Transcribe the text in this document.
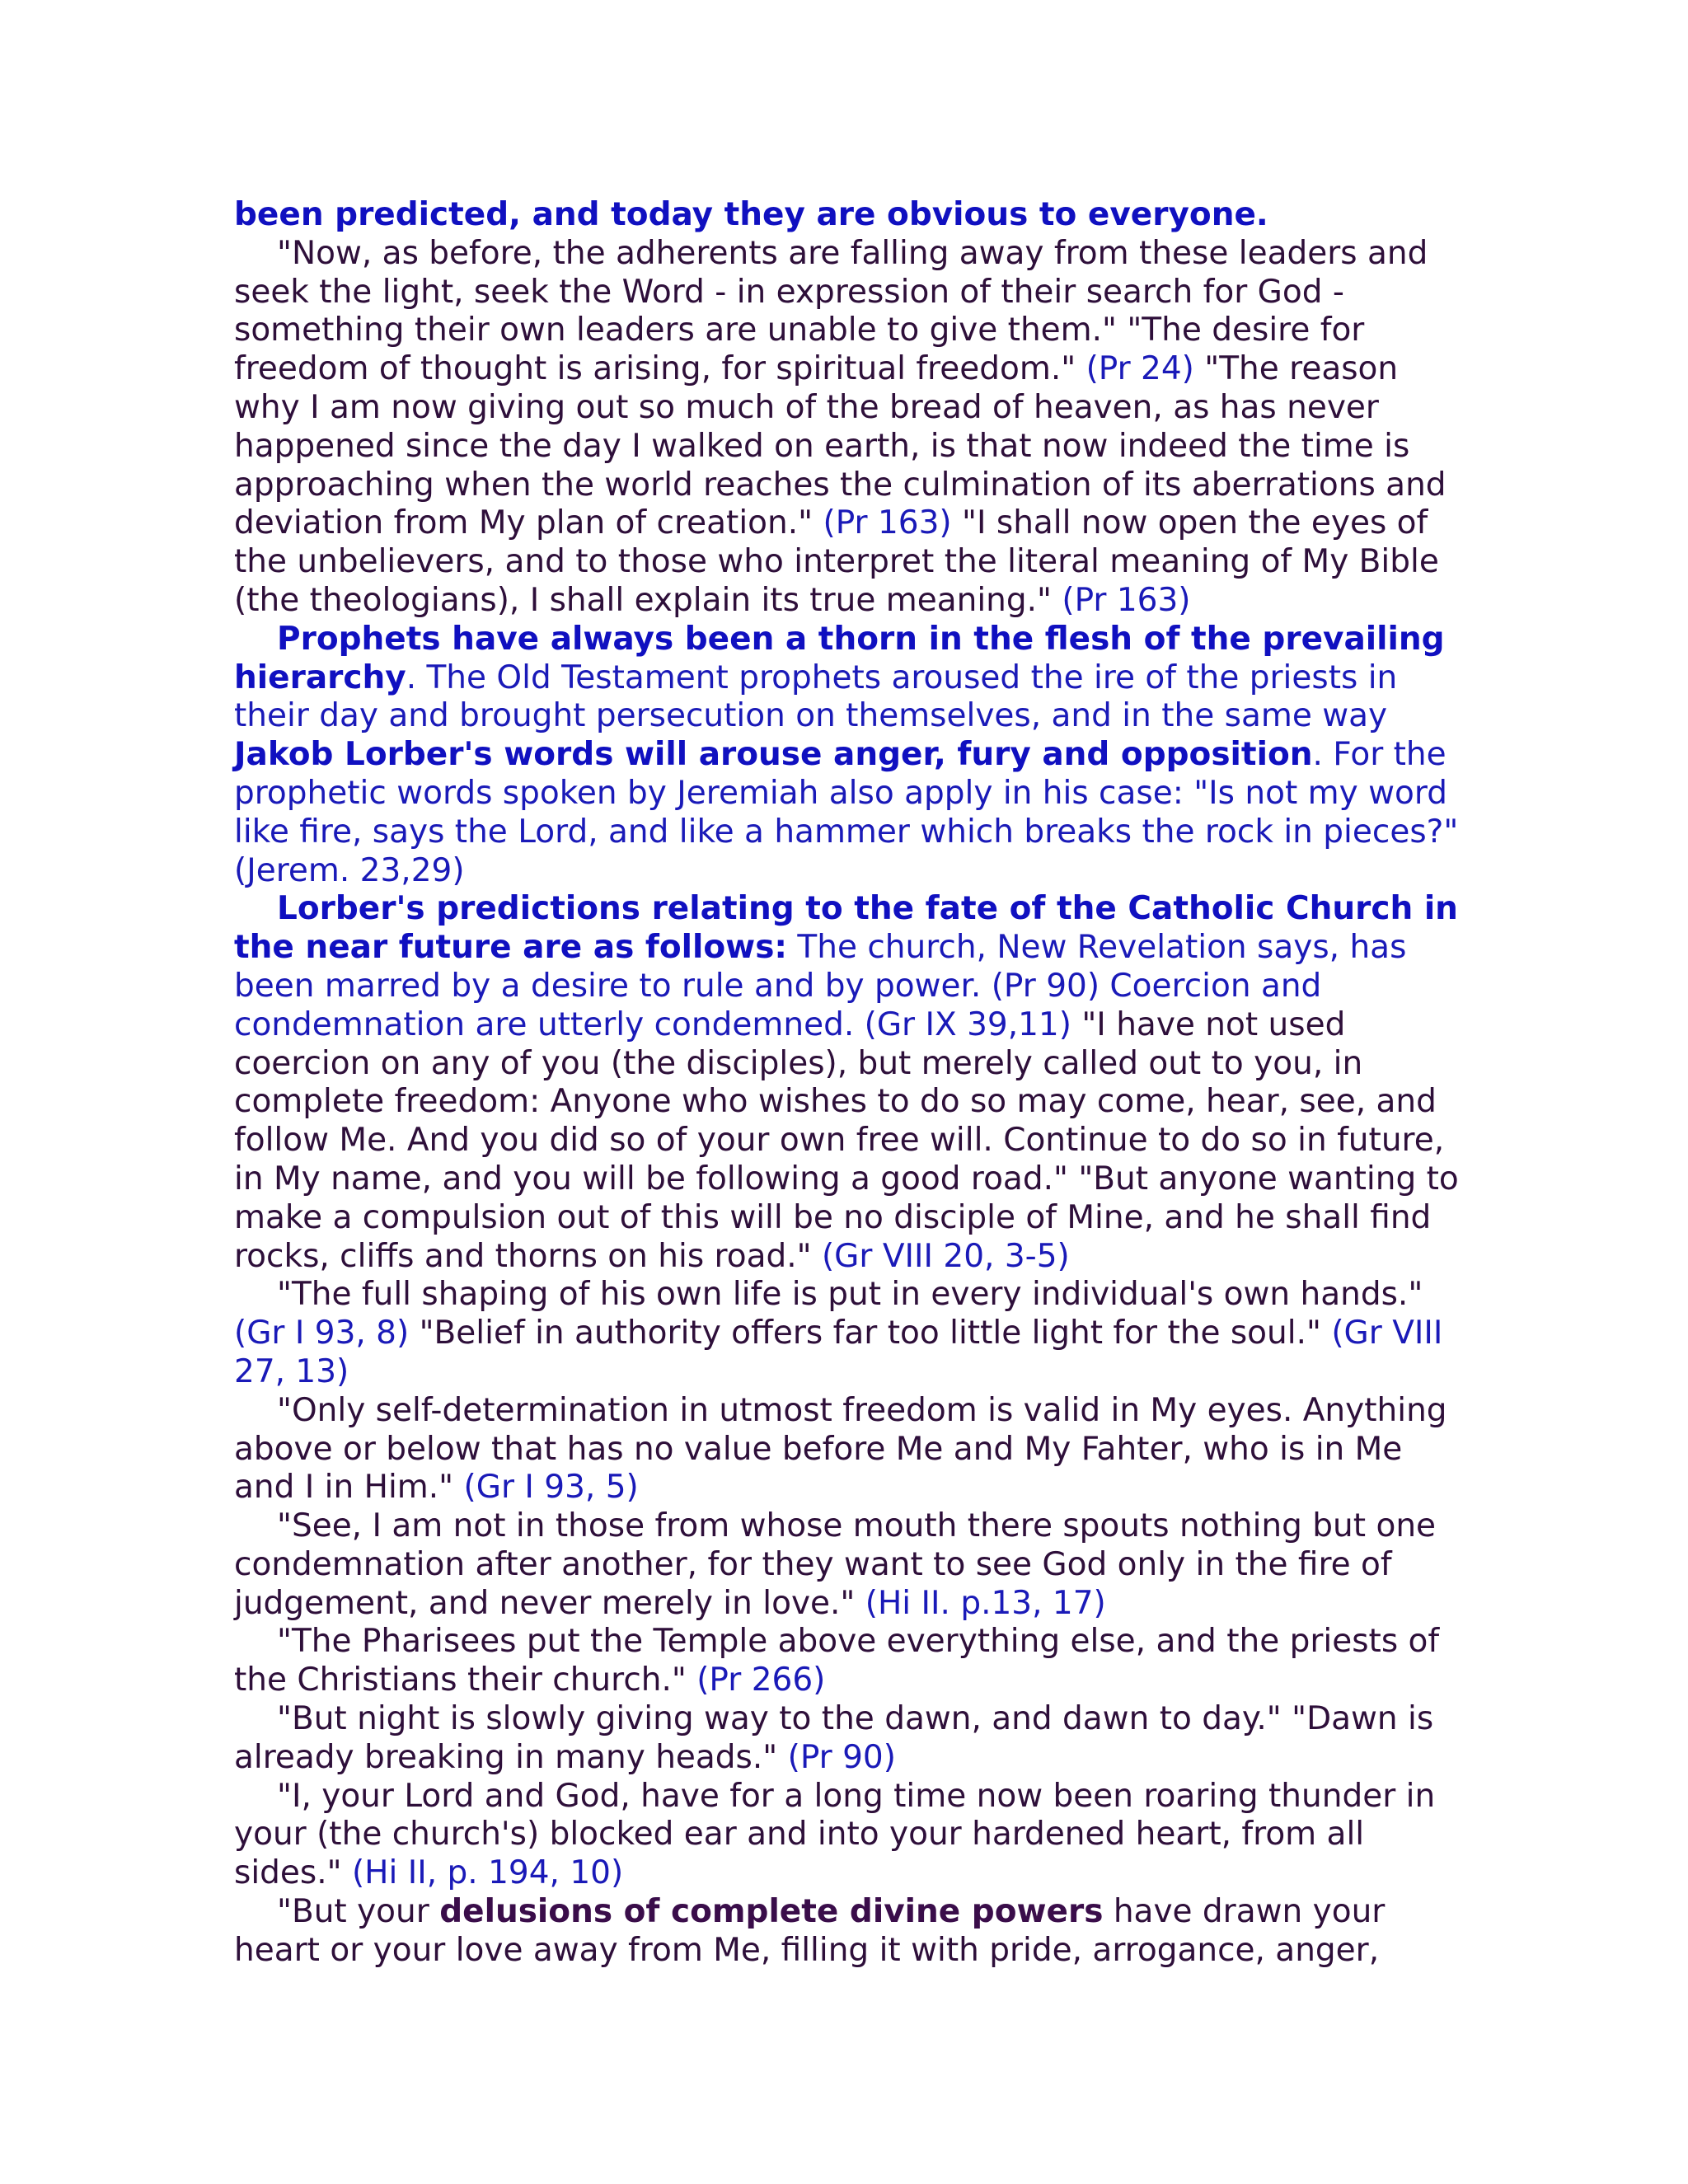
been predicted, and today they are obvious to everyone.

"Now, as before, the adherents are falling away from these leaders and seek the light, seek the Word - in expression of their search for God - something their own leaders are unable to give them." "The desire for freedom of thought is arising, for spiritual freedom." (Pr 24) "The reason why I am now giving out so much of the bread of heaven, as has never happened since the day I walked on earth, is that now indeed the time is approaching when the world reaches the culmination of its aberrations and deviation from My plan of creation." (Pr 163) "I shall now open the eyes of the unbelievers, and to those who interpret the literal meaning of My Bible (the theologians), I shall explain its true meaning." (Pr 163)

Prophets have always been a thorn in the flesh of the prevailing hierarchy. The Old Testament prophets aroused the ire of the priests in their day and brought persecution on themselves, and in the same way Jakob Lorber's words will arouse anger, fury and opposition. For the prophetic words spoken by Jeremiah also apply in his case: "Is not my word like fire, says the Lord, and like a hammer which breaks the rock in pieces?" (Jerem. 23,29)

Lorber's predictions relating to the fate of the Catholic Church in the near future are as follows: The church, New Revelation says, has been marred by a desire to rule and by power. (Pr 90) Coercion and condemnation are utterly condemned. (Gr IX 39,11) "I have not used coercion on any of you (the disciples), but merely called out to you, in complete freedom: Anyone who wishes to do so may come, hear, see, and follow Me. And you did so of your own free will. Continue to do so in future, in My name, and you will be following a good road." "But anyone wanting to make a compulsion out of this will be no disciple of Mine, and he shall find rocks, cliffs and thorns on his road." (Gr VIII 20, 3-5)

"The full shaping of his own life is put in every individual's own hands." (Gr I 93, 8) "Belief in authority offers far too little light for the soul." (Gr VIII 27, 13)

"Only self-determination in utmost freedom is valid in My eyes. Anything above or below that has no value before Me and My Fahter, who is in Me and I in Him." (Gr I 93, 5)

"See, I am not in those from whose mouth there spouts nothing but one condemnation after another, for they want to see God only in the fire of judgement, and never merely in love." (Hi II. p.13, 17)

"The Pharisees put the Temple above everything else, and the priests of the Christians their church." (Pr 266)

"But night is slowly giving way to the dawn, and dawn to day." "Dawn is already breaking in many heads." (Pr 90)

"I, your Lord and God, have for a long time now been roaring thunder in your (the church's) blocked ear and into your hardened heart, from all sides." (Hi II, p. 194, 10)

"But your delusions of complete divine powers have drawn your heart or your love away from Me, filling it with pride, arrogance, anger,
